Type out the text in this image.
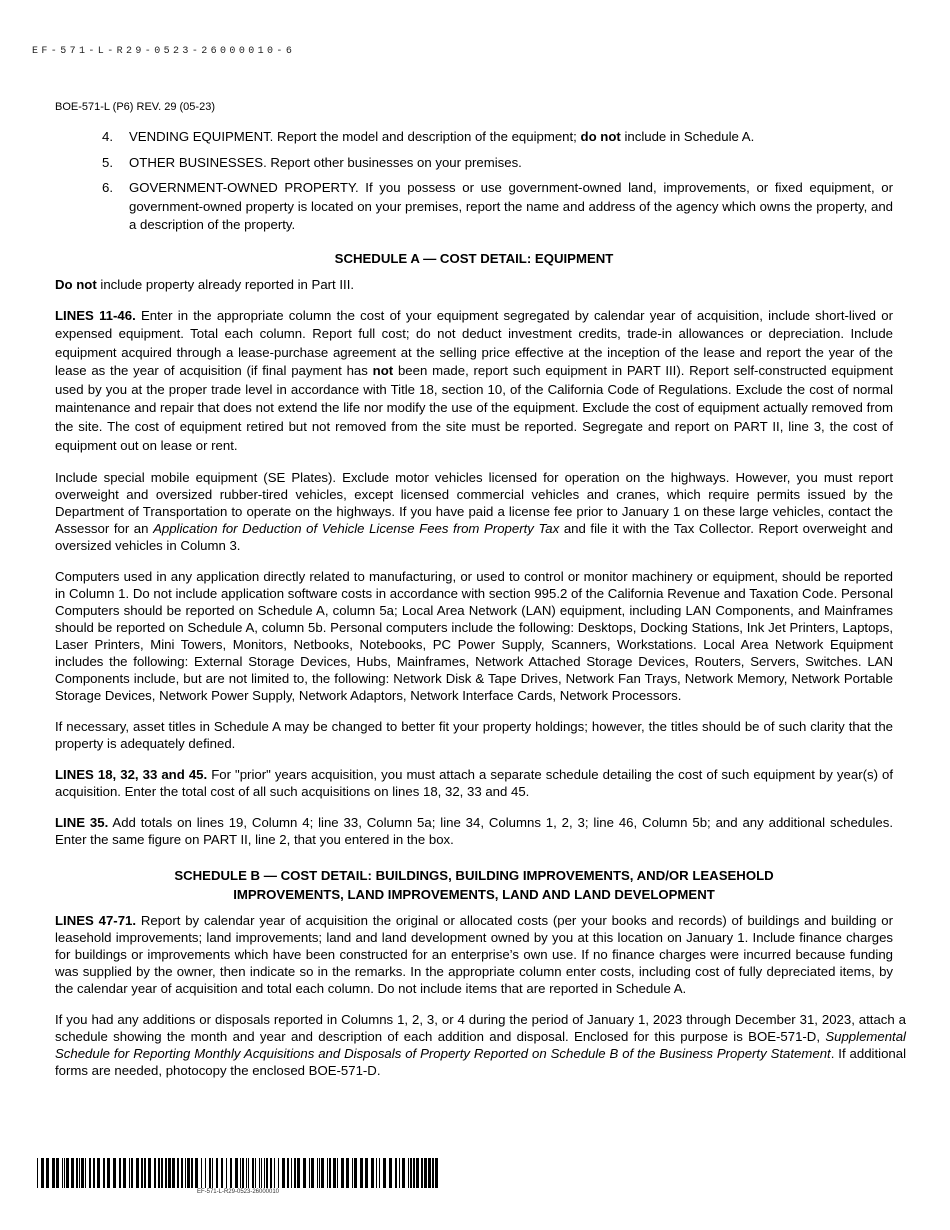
EF-571-L-R29-0523-26000010-6
BOE-571-L (P6) REV. 29 (05-23)
4. VENDING EQUIPMENT. Report the model and description of the equipment; do not include in Schedule A.
5. OTHER BUSINESSES. Report other businesses on your premises.
6. GOVERNMENT-OWNED PROPERTY. If you possess or use government-owned land, improvements, or fixed equipment, or government-owned property is located on your premises, report the name and address of the agency which owns the property, and a description of the property.
SCHEDULE A — COST DETAIL: EQUIPMENT

Do not include property already reported in Part III.

LINES 11-46. Enter in the appropriate column the cost of your equipment segregated by calendar year of acquisition, include short-lived or expensed equipment. Total each column. Report full cost; do not deduct investment credits, trade-in allowances or depreciation. Include equipment acquired through a lease-purchase agreement at the selling price effective at the inception of the lease and report the year of the lease as the year of acquisition (if final payment has not been made, report such equipment in PART III). Report self-constructed equipment used by you at the proper trade level in accordance with Title 18, section 10, of the California Code of Regulations. Exclude the cost of normal maintenance and repair that does not extend the life nor modify the use of the equipment. Exclude the cost of equipment actually removed from the site. The cost of equipment retired but not removed from the site must be reported. Segregate and report on PART II, line 3, the cost of equipment out on lease or rent.

Include special mobile equipment (SE Plates). Exclude motor vehicles licensed for operation on the highways. However, you must report overweight and oversized rubber-tired vehicles, except licensed commercial vehicles and cranes, which require permits issued by the Department of Transportation to operate on the highways. If you have paid a license fee prior to January 1 on these large vehicles, contact the Assessor for an Application for Deduction of Vehicle License Fees from Property Tax and file it with the Tax Collector. Report overweight and oversized vehicles in Column 3.

Computers used in any application directly related to manufacturing, or used to control or monitor machinery or equipment, should be reported in Column 1. Do not include application software costs in accordance with section 995.2 of the California Revenue and Taxation Code. Personal Computers should be reported on Schedule A, column 5a; Local Area Network (LAN) equipment, including LAN Components, and Mainframes should be reported on Schedule A, column 5b. Personal computers include the following: Desktops, Docking Stations, Ink Jet Printers, Laptops, Laser Printers, Mini Towers, Monitors, Netbooks, Notebooks, PC Power Supply, Scanners, Workstations. Local Area Network Equipment includes the following: External Storage Devices, Hubs, Mainframes, Network Attached Storage Devices, Routers, Servers, Switches. LAN Components include, but are not limited to, the following: Network Disk & Tape Drives, Network Fan Trays, Network Memory, Network Portable Storage Devices, Network Power Supply, Network Adaptors, Network Interface Cards, Network Processors.

If necessary, asset titles in Schedule A may be changed to better fit your property holdings; however, the titles should be of such clarity that the property is adequately defined.

LINES 18, 32, 33 and 45. For "prior" years acquisition, you must attach a separate schedule detailing the cost of such equipment by year(s) of acquisition. Enter the total cost of all such acquisitions on lines 18, 32, 33 and 45.

LINE 35. Add totals on lines 19, Column 4; line 33, Column 5a; line 34, Columns 1, 2, 3; line 46, Column 5b; and any additional schedules. Enter the same figure on PART II, line 2, that you entered in the box.

SCHEDULE B — COST DETAIL: BUILDINGS, BUILDING IMPROVEMENTS, AND/OR LEASEHOLD
IMPROVEMENTS, LAND IMPROVEMENTS, LAND AND LAND DEVELOPMENT

LINES 47-71. Report by calendar year of acquisition the original or allocated costs (per your books and records) of buildings and building or leasehold improvements; land improvements; land and land development owned by you at this location on January 1. Include finance charges for buildings or improvements which have been constructed for an enterprise’s own use. If no finance charges were incurred because funding was supplied by the owner, then indicate so in the remarks. In the appropriate column enter costs, including cost of fully depreciated items, by the calendar year of acquisition and total each column. Do not include items that are reported in Schedule A.

If you had any additions or disposals reported in Columns 1, 2, 3, or 4 during the period of January 1, 2023 through December 31, 2023, attach a schedule showing the month and year and description of each addition and disposal. Enclosed for this purpose is BOE-571-D, Supplemental Schedule for Reporting Monthly Acquisitions and Disposals of Property Reported on Schedule B of the Business Property Statement. If additional forms are needed, photocopy the enclosed BOE-571-D.

EF-571-L-R29-0523-26000010
